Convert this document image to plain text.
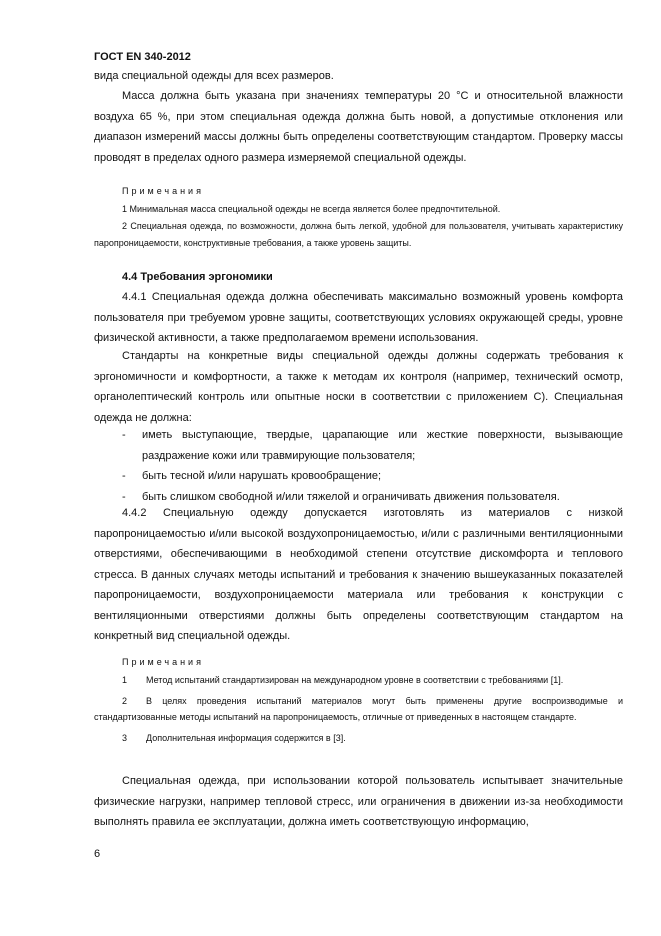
ГОСТ EN 340-2012

вида специальной одежды для всех размеров.

Масса должна быть указана при значениях температуры 20 °С и относительной влажности воздуха 65 %, при этом специальная одежда должна быть новой, а допустимые отклонения или диапазон измерений массы должны быть определены соответствующим стандартом. Проверку массы проводят в пределах одного размера измеряемой специальной одежды.

Примечания

1 Минимальная масса специальной одежды не всегда является более предпочтительной.

2 Специальная одежда, по возможности, должна быть легкой, удобной для пользователя, учитывать характеристику паропроницаемости, конструктивные требования, а также уровень защиты.

4.4 Требования эргономики

4.4.1 Специальная одежда должна обеспечивать максимально возможный уровень комфорта пользователя при требуемом уровне защиты, соответствующих условиях окружающей среды, уровне физической активности, а также предполагаемом времени использования.

Стандарты на конкретные виды специальной одежды должны содержать требования к эргономичности и комфортности, а также к методам их контроля (например, технический осмотр, органолептический контроль или опытные носки в соответствии с приложением С). Специальная одежда не должна:

-	иметь выступающие, твердые, царапающие или жесткие поверхности, вызывающие раздражение кожи или травмирующие пользователя;
-	быть тесной и/или нарушать кровообращение;
-	быть слишком свободной и/или тяжелой и ограничивать движения пользователя.

4.4.2 Специальную одежду допускается изготовлять из материалов с низкой паропроницаемостью и/или высокой воздухопроницаемостью, и/или с различными вентиляционными отверстиями, обеспечивающими в необходимой степени отсутствие дискомфорта и теплового стресса. В данных случаях методы испытаний и требования к значению вышеуказанных показателей паропроницаемости, воздухопроницаемости материала или требования к конструкции с вентиляционными отверстиями должны быть определены соответствующим стандартом на конкретный вид специальной одежды.

Примечания
1 Метод испытаний стандартизирован на международном уровне в соответствии с требованиями [1].
2 В целях проведения испытаний материалов могут быть применены другие воспроизводимые и стандартизованные методы испытаний на паропроницаемость, отличные от приведенных в настоящем стандарте.
3 Дополнительная информация содержится в [3].

Специальная одежда, при использовании которой пользователь испытывает значительные физические нагрузки, например тепловой стресс, или ограничения в движении из-за необходимости выполнять правила ее эксплуатации, должна иметь соответствующую информацию,

6
